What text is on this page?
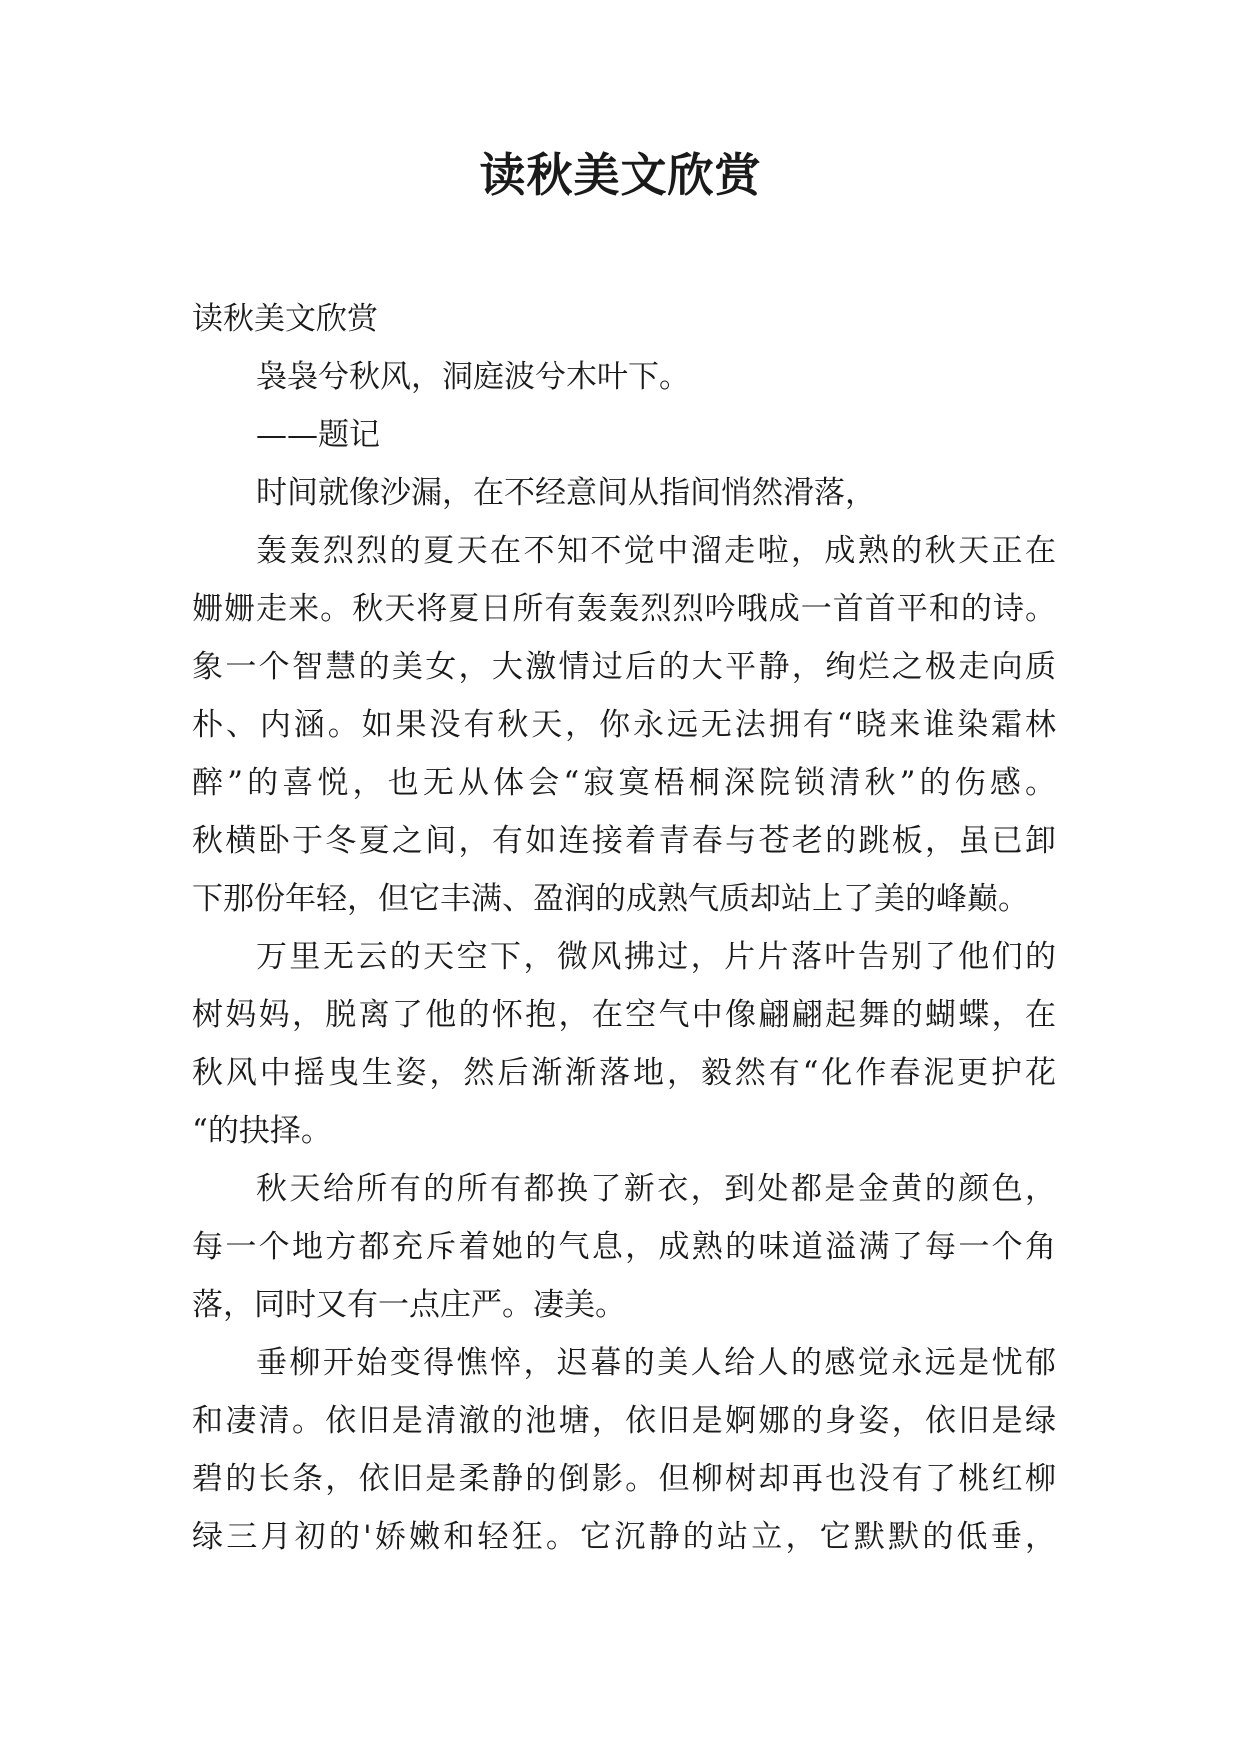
读秋美文欣赏
读秋美文欣赏
袅袅兮秋风，洞庭波兮木叶下。
——题记
时间就像沙漏，在不经意间从指间悄然滑落，
轰轰烈烈的夏天在不知不觉中溜走啦，成熟的秋天正在
姗姗走来。秋天将夏日所有轰轰烈烈吟哦成一首首平和的诗。
象一个智慧的美女，大激情过后的大平静，绚烂之极走向质
朴、内涵。如果没有秋天，你永远无法拥有“晓来谁染霜林
醉”的喜悦，也无从体会“寂寞梧桐深院锁清秋”的伤感。
秋横卧于冬夏之间，有如连接着青春与苍老的跳板，虽已卸
下那份年轻，但它丰满、盈润的成熟气质却站上了美的峰巅。
万里无云的天空下，微风拂过，片片落叶告别了他们的
树妈妈，脱离了他的怀抱，在空气中像翩翩起舞的蝴蝶，在
秋风中摇曳生姿，然后渐渐落地，毅然有“化作春泥更护花
“的抉择。
秋天给所有的所有都换了新衣，到处都是金黄的颜色，
每一个地方都充斥着她的气息，成熟的味道溢满了每一个角
落，同时又有一点庄严。凄美。
垂柳开始变得憔悴，迟暮的美人给人的感觉永远是忧郁
和凄清。依旧是清澈的池塘，依旧是婀娜的身姿，依旧是绿
碧的长条，依旧是柔静的倒影。但柳树却再也没有了桃红柳
绿三月初的'娇嫩和轻狂。它沉静的站立，它默默的低垂，
